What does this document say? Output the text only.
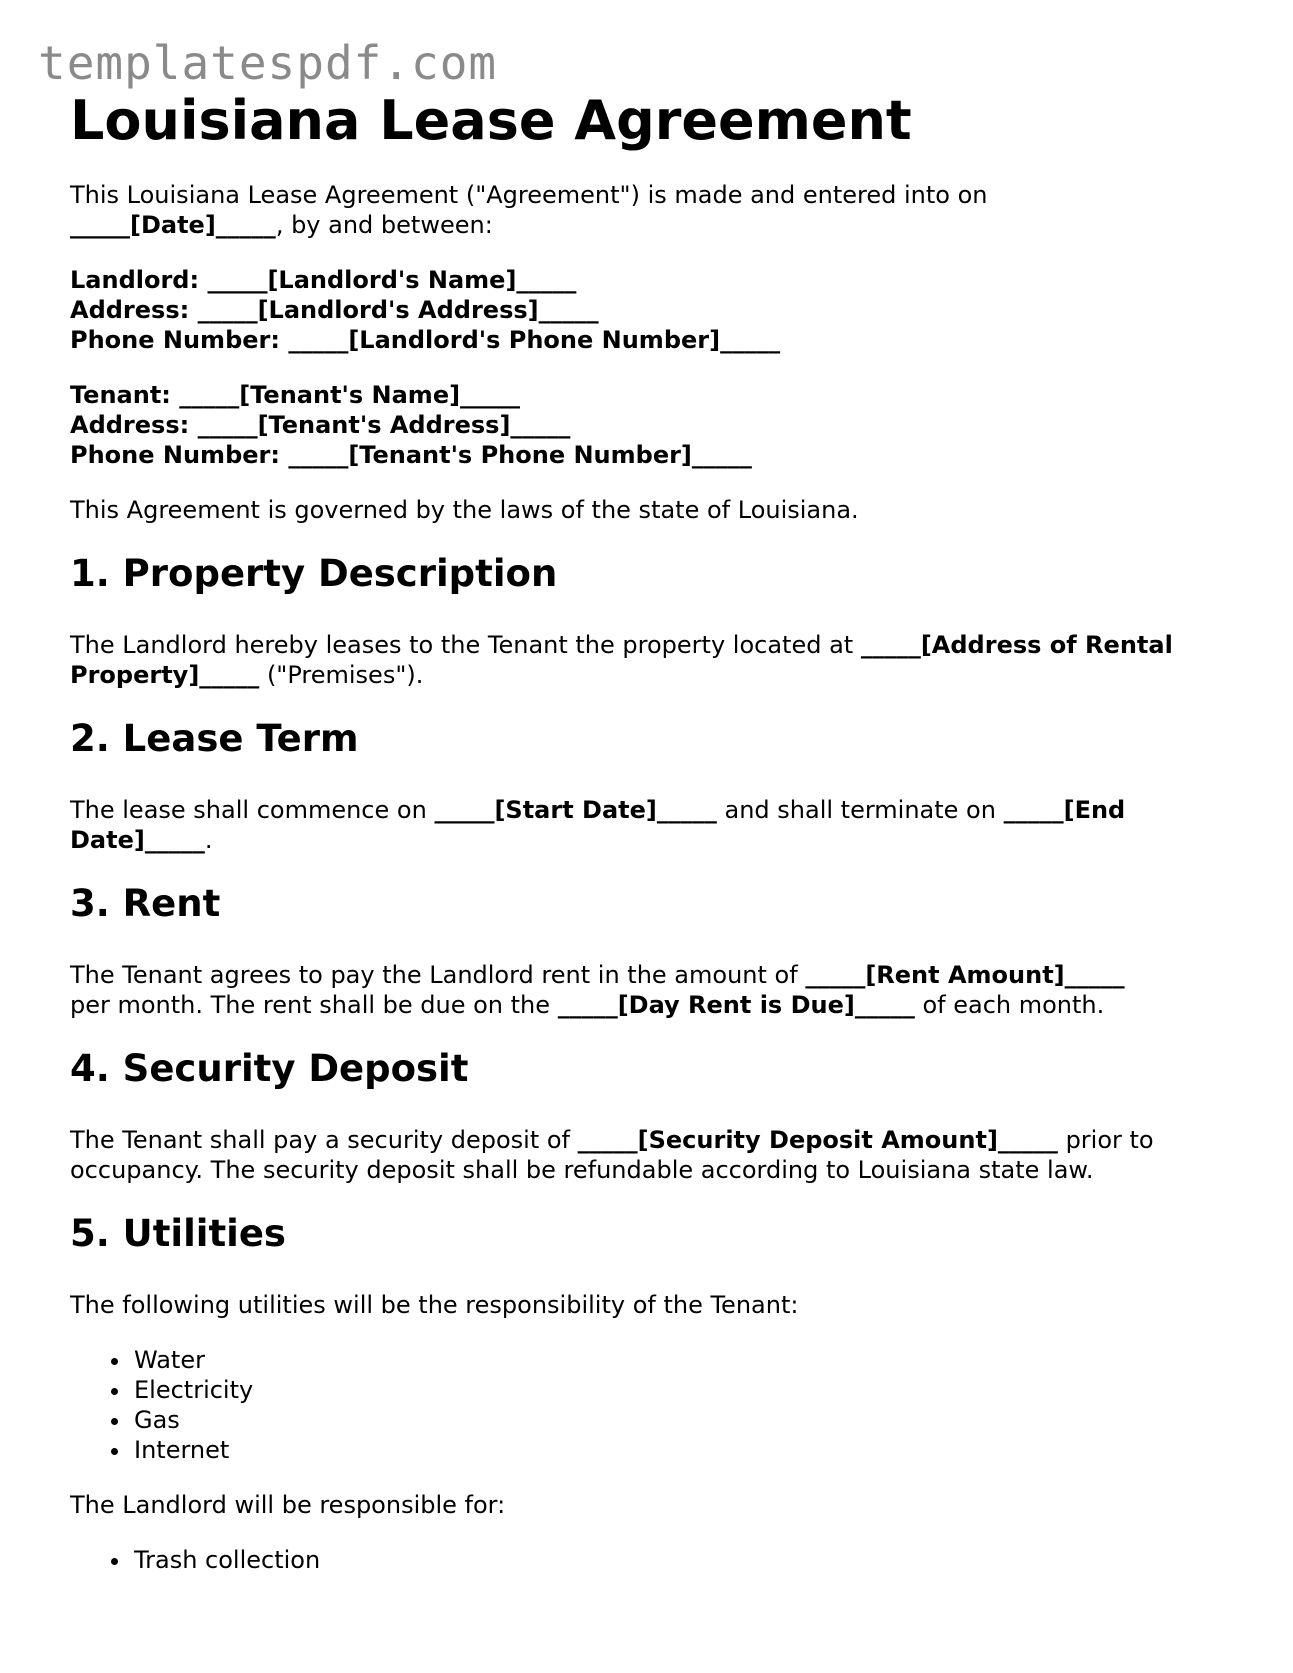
templatespdf.com
Louisiana Lease Agreement

This Louisiana Lease Agreement ("Agreement") is made and entered into on
_____[Date]_____, by and between:

Landlord: _____[Landlord's Name]_____
Address: _____[Landlord's Address]_____
Phone Number: _____[Landlord's Phone Number]_____
Tenant: _____[Tenant's Name]_____
Address: _____[Tenant's Address]_____
Phone Number: _____[Tenant's Phone Number]_____

This Agreement is governed by the laws of the state of Louisiana.

1. Property Description

The Landlord hereby leases to the Tenant the property located at _____[Address of Rental Property]_____ ("Premises").

2. Lease Term

The lease shall commence on _____[Start Date]_____ and shall terminate on _____[End Date]_____.

3. Rent

The Tenant agrees to pay the Landlord rent in the amount of _____[Rent Amount]_____
per month. The rent shall be due on the _____[Day Rent is Due]_____ of each month.

4. Security Deposit

The Tenant shall pay a security deposit of _____[Security Deposit Amount]_____ prior to occupancy. The security deposit shall be refundable according to Louisiana state law.

5. Utilities

The following utilities will be the responsibility of the Tenant:

• Water
• Electricity
• Gas
• Internet

The Landlord will be responsible for:

• Trash collection
